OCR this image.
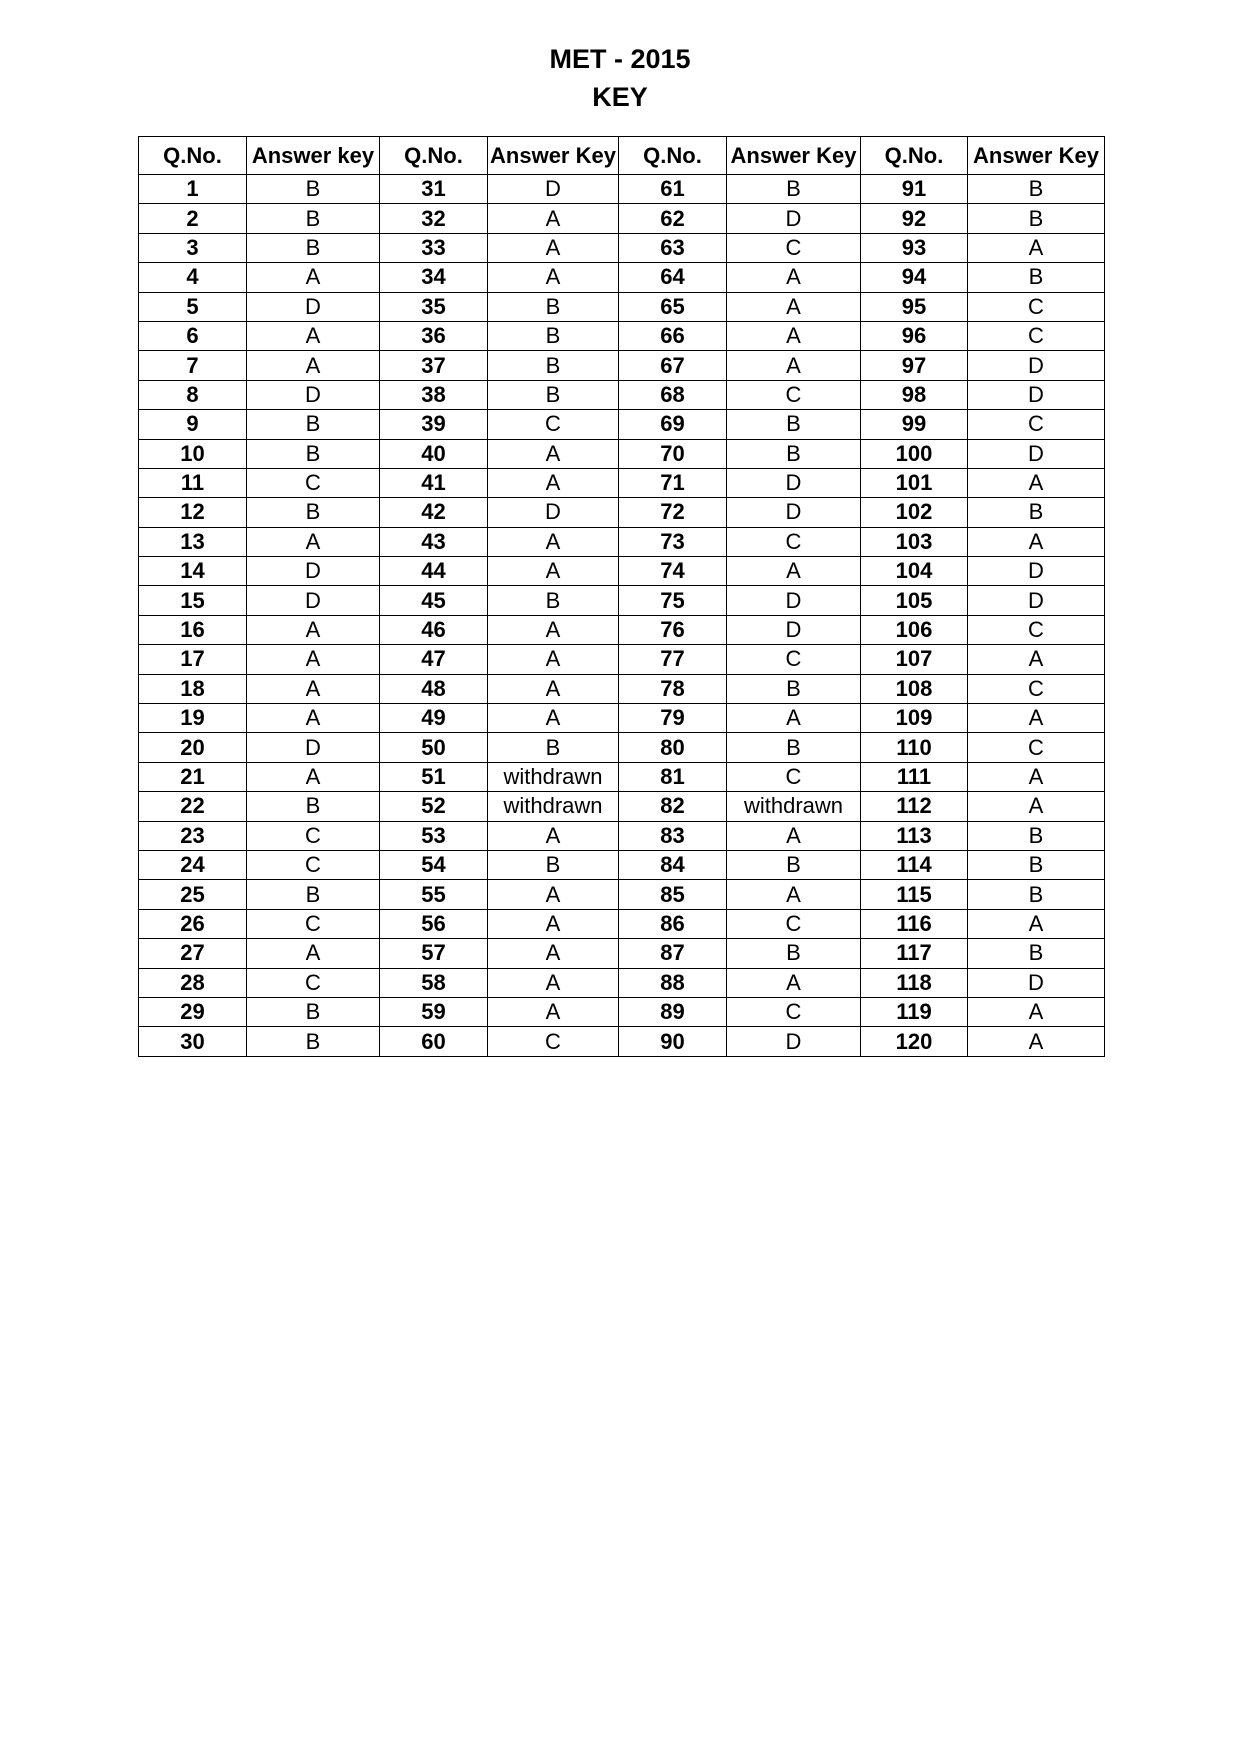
MET - 2015
KEY
Q.No.	Answer key	Q.No.	Answer Key	Q.No.	Answer Key	Q.No.	Answer Key
1	B	31	D	61	B	91	B
2	B	32	A	62	D	92	B
3	B	33	A	63	C	93	A
4	A	34	A	64	A	94	B
5	D	35	B	65	A	95	C
6	A	36	B	66	A	96	C
7	A	37	B	67	A	97	D
8	D	38	B	68	C	98	D
9	B	39	C	69	B	99	C
10	B	40	A	70	B	100	D
11	C	41	A	71	D	101	A
12	B	42	D	72	D	102	B
13	A	43	A	73	C	103	A
14	D	44	A	74	A	104	D
15	D	45	B	75	D	105	D
16	A	46	A	76	D	106	C
17	A	47	A	77	C	107	A
18	A	48	A	78	B	108	C
19	A	49	A	79	A	109	A
20	D	50	B	80	B	110	C
21	A	51	withdrawn	81	C	111	A
22	B	52	withdrawn	82	withdrawn	112	A
23	C	53	A	83	A	113	B
24	C	54	B	84	B	114	B
25	B	55	A	85	A	115	B
26	C	56	A	86	C	116	A
27	A	57	A	87	B	117	B
28	C	58	A	88	A	118	D
29	B	59	A	89	C	119	A
30	B	60	C	90	D	120	A
